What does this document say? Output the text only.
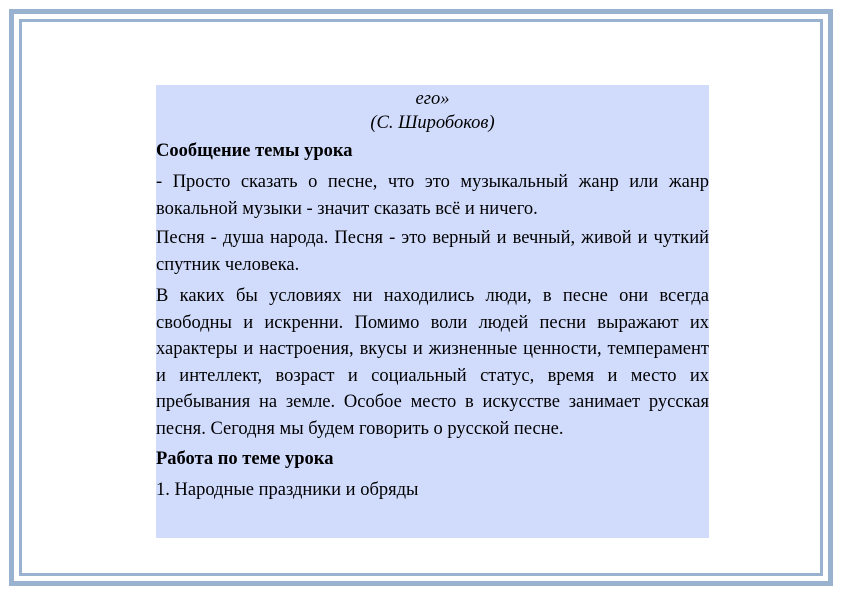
его»

(С. Широбоков)

Сообщение темы урока

- Просто сказать о песне, что это музыкальный жанр или жанр вокальной музыки - значит сказать всё и ничего.

Песня - душа народа. Песня - это верный и вечный, живой и чуткий спутник человека.

В каких бы условиях ни находились люди, в песне они всегда свободны и искренни. Помимо воли людей песни выражают их характеры и настроения, вкусы и жизненные ценности, темперамент и интеллект, возраст и социальный статус, время и место их пребывания на земле. Особое место в искусстве занимает русская песня. Сегодня мы будем говорить о русской песне.

Работа по теме урока

1. Народные праздники и обряды
